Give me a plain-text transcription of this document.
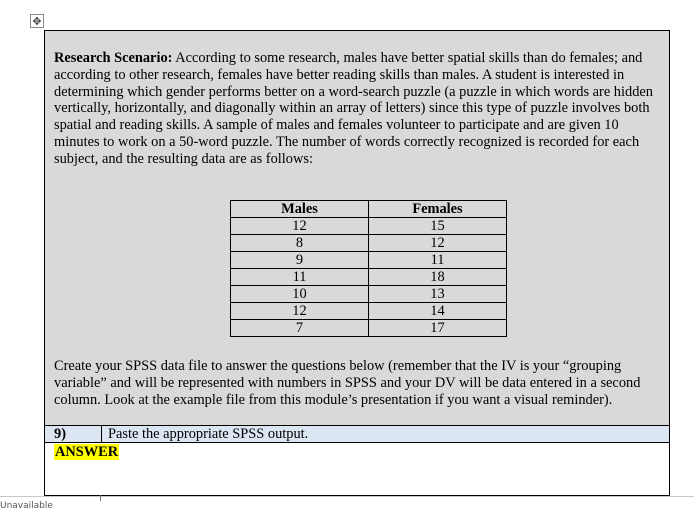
✥

Research Scenario: According to some research, males have better spatial skills than do females; and according to other research, females have better reading skills than males. A student is interested in determining which gender performs better on a word-search puzzle (a puzzle in which words are hidden vertically, horizontally, and diagonally within an array of letters) since this type of puzzle involves both spatial and reading skills. A sample of males and females volunteer to participate and are given 10 minutes to work on a 50-word puzzle. The number of words correctly recognized is recorded for each subject, and the resulting data are as follows:

Males	Females
12	15
8	12
9	11
11	18
10	13
12	14
7	17

Create your SPSS data file to answer the questions below (remember that the IV is your “grouping variable” and will be represented with numbers in SPSS and your DV will be data entered in a second column. Look at the example file from this module’s presentation if you want a visual reminder).

9)	Paste the appropriate SPSS output.
ANSWER
Unavailable
